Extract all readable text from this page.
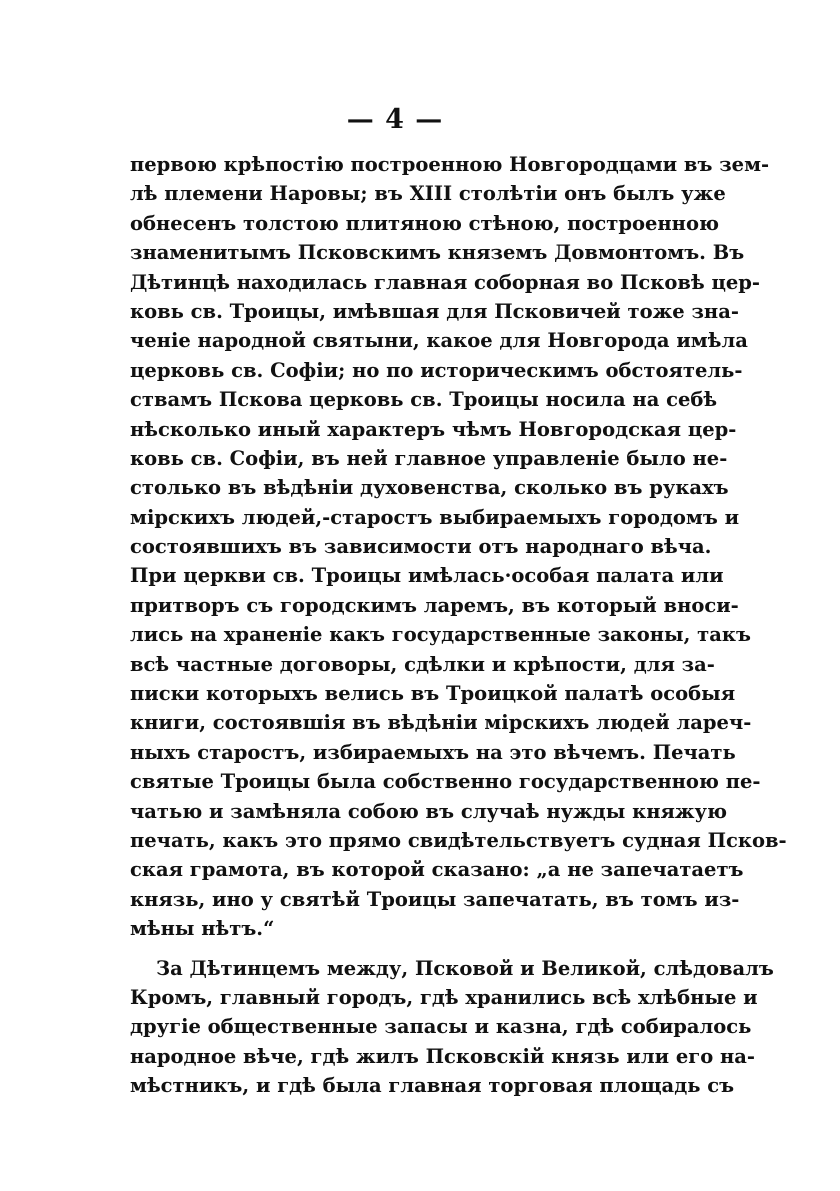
— 4 —
первою крѣпостію построенною Новгородцами въ зем-
лѣ племени Наровы; въ XIII столѣтіи онъ былъ уже
обнесенъ толстою плитяною стѣною, построенною
знаменитымъ Псковскимъ княземъ Довмонтомъ. Въ
Дѣтинцѣ находилась главная соборная во Псковѣ цер-
ковь св. Троицы, имѣвшая для Псковичей тоже зна-
ченіе народной святыни, какое для Новгорода имѣла
церковь св. Софіи; но по историческимъ обстоятель-
ствамъ Пскова церковь св. Троицы носила на себѣ
нѣсколько иный характеръ чѣмъ Новгородская цер-
ковь св. Софіи, въ ней главное управленіе было не-
столько въ вѣдѣніи духовенства, сколько въ рукахъ
мірскихъ людей,-старостъ выбираемыхъ городомъ и
состоявшихъ въ зависимости отъ народнаго вѣча.
При церкви св. Троицы имѣлась·особая палата или
притворъ съ городскимъ ларемъ, въ который вноси-
лись на храненіе какъ государственные законы, такъ
всѣ частные договоры, сдѣлки и крѣпости, для за-
писки которыхъ велись въ Троицкой палатѣ особыя
книги, состоявшія въ вѣдѣніи мірскихъ людей лареч-
ныхъ старостъ, избираемыхъ на это вѣчемъ. Печать
святые Троицы была собственно государственною пе-
чатью и замѣняла собою въ случаѣ нужды княжую
печать, какъ это прямо свидѣтельствуетъ судная Псков-
ская грамота, въ которой сказано: „а не запечатаетъ
князь, ино у святѣй Троицы запечатать, въ томъ из-
мѣны нѣтъ.“
За Дѣтинцемъ между, Псковой и Великой, слѣдовалъ
Кромъ, главный городъ, гдѣ хранились всѣ хлѣбные и
другіе общественные запасы и казна, гдѣ собиралось
народное вѣче, гдѣ жилъ Псковскій князь или его на-
мѣстникъ, и гдѣ была главная торговая площадь съ
